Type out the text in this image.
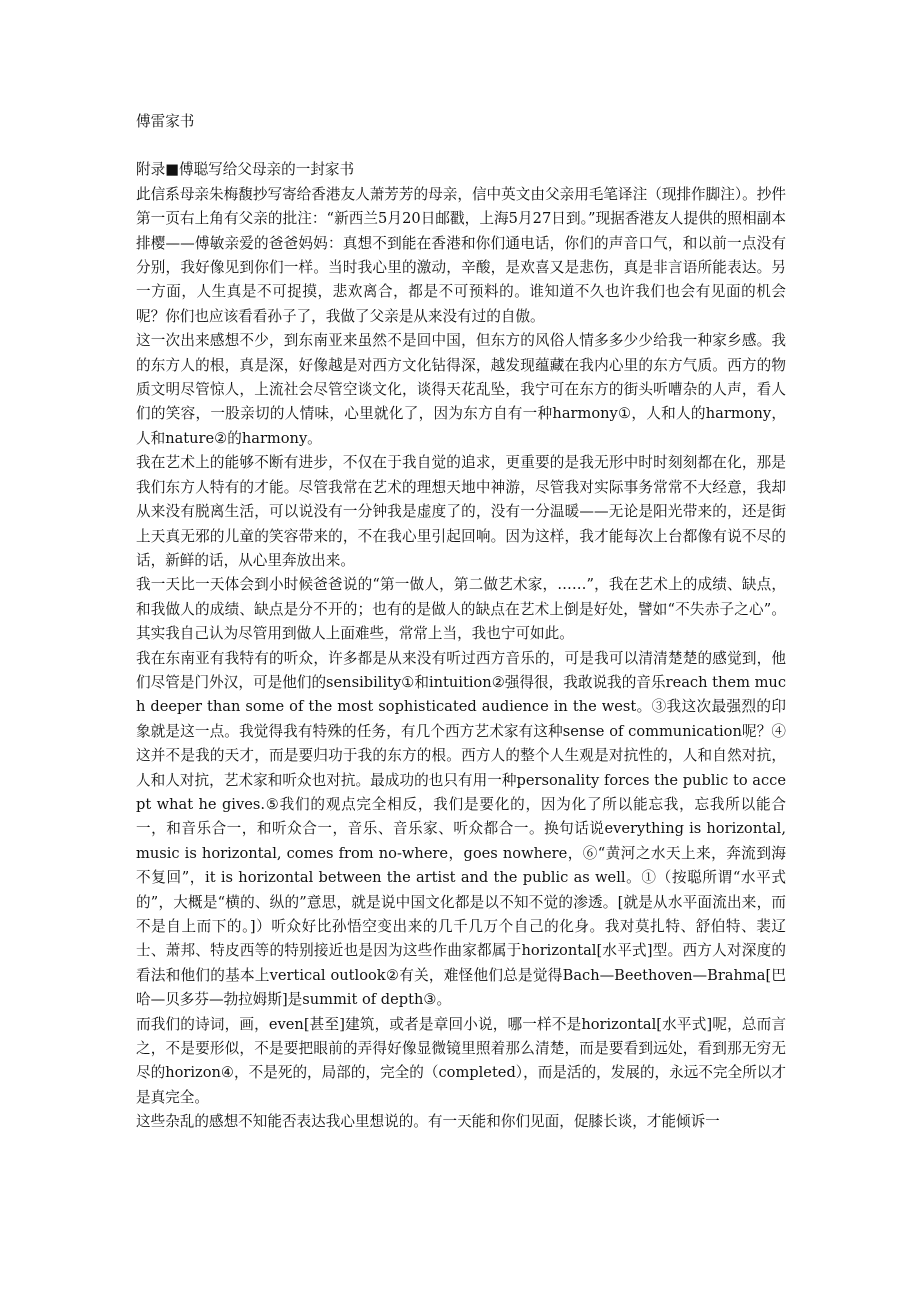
傅雷家书
附录■傅聪写给父母亲的一封家书

此信系母亲朱梅馥抄写寄给香港友人萧芳芳的母亲，信中英文由父亲用毛笔译注（现排作脚注）。抄件第一页右上角有父亲的批注：“新西兰5月20日邮戳，上海5月27日到。”现据香港友人提供的照相副本排樱——傅敏亲爱的爸爸妈妈：真想不到能在香港和你们通电话，你们的声音口气，和以前一点没有分别，我好像见到你们一样。当时我心里的激动，辛酸，是欢喜又是悲伤，真是非言语所能表达。另一方面，人生真是不可捉摸，悲欢离合，都是不可预料的。谁知道不久也许我们也会有见面的机会呢？你们也应该看看孙子了，我做了父亲是从来没有过的自傲。

这一次出来感想不少，到东南亚来虽然不是回中国，但东方的风俗人情多多少少给我一种家乡感。我的东方人的根，真是深，好像越是对西方文化钻得深，越发现蕴藏在我内心里的东方气质。西方的物质文明尽管惊人，上流社会尽管空谈文化，谈得天花乱坠，我宁可在东方的街头听嘈杂的人声，看人们的笑容，一股亲切的人情味，心里就化了，因为东方自有一种harmony①，人和人的harmony，人和nature②的harmony。

我在艺术上的能够不断有进步，不仅在于我自觉的追求，更重要的是我无形中时时刻刻都在化，那是我们东方人特有的才能。尽管我常在艺术的理想天地中神游，尽管我对实际事务常常不大经意，我却从来没有脱离生活，可以说没有一分钟我是虚度了的，没有一分温暖——无论是阳光带来的，还是街上天真无邪的儿童的笑容带来的，不在我心里引起回响。因为这样，我才能每次上台都像有说不尽的话，新鲜的话，从心里奔放出来。

我一天比一天体会到小时候爸爸说的“第一做人，第二做艺术家，……”，我在艺术上的成绩、缺点，和我做人的成绩、缺点是分不开的；也有的是做人的缺点在艺术上倒是好处，譬如“不失赤子之心”。其实我自己认为尽管用到做人上面难些，常常上当，我也宁可如此。

我在东南亚有我特有的听众，许多都是从来没有听过西方音乐的，可是我可以清清楚楚的感觉到，他们尽管是门外汉，可是他们的sensibility①和intuition②强得很，我敢说我的音乐reach them much deeper than some of the most sophisticated audience in the west。③我这次最强烈的印象就是这一点。我觉得我有特殊的任务，有几个西方艺术家有这种sense of communication呢？④这并不是我的天才，而是要归功于我的东方的根。西方人的整个人生观是对抗性的，人和自然对抗，人和人对抗，艺术家和听众也对抗。最成功的也只有用一种personality forces the public to accept what he gives.⑤我们的观点完全相反，我们是要化的，因为化了所以能忘我，忘我所以能合一，和音乐合一，和听众合一，音乐、音乐家、听众都合一。换句话说everything is horizontal, music is horizontal, comes from no-where，goes nowhere，⑥“黄河之水天上来，奔流到海不复回”，it is horizontal between the artist and the public as well。①（按聪所谓“水平式的”，大概是“横的、纵的”意思，就是说中国文化都是以不知不觉的渗透。[就是从水平面流出来，而不是自上而下的。]）听众好比孙悟空变出来的几千几万个自己的化身。我对莫扎特、舒伯特、裴辽士、萧邦、特皮西等的特别接近也是因为这些作曲家都属于horizontal[水平式]型。西方人对深度的看法和他们的基本上vertical outlook②有关，难怪他们总是觉得Bach—Beethoven—Brahma[巴哈—贝多芬—勃拉姆斯]是summit of depth③。

而我们的诗词，画，even[甚至]建筑，或者是章回小说，哪一样不是horizontal[水平式]呢，总而言之，不是要形似，不是要把眼前的弄得好像显微镜里照着那么清楚，而是要看到远处，看到那无穷无尽的horizon④，不是死的，局部的，完全的（completed），而是活的，发展的，永远不完全所以才是真完全。

这些杂乱的感想不知能否表达我心里想说的。有一天能和你们见面，促膝长谈，才能倾诉一
